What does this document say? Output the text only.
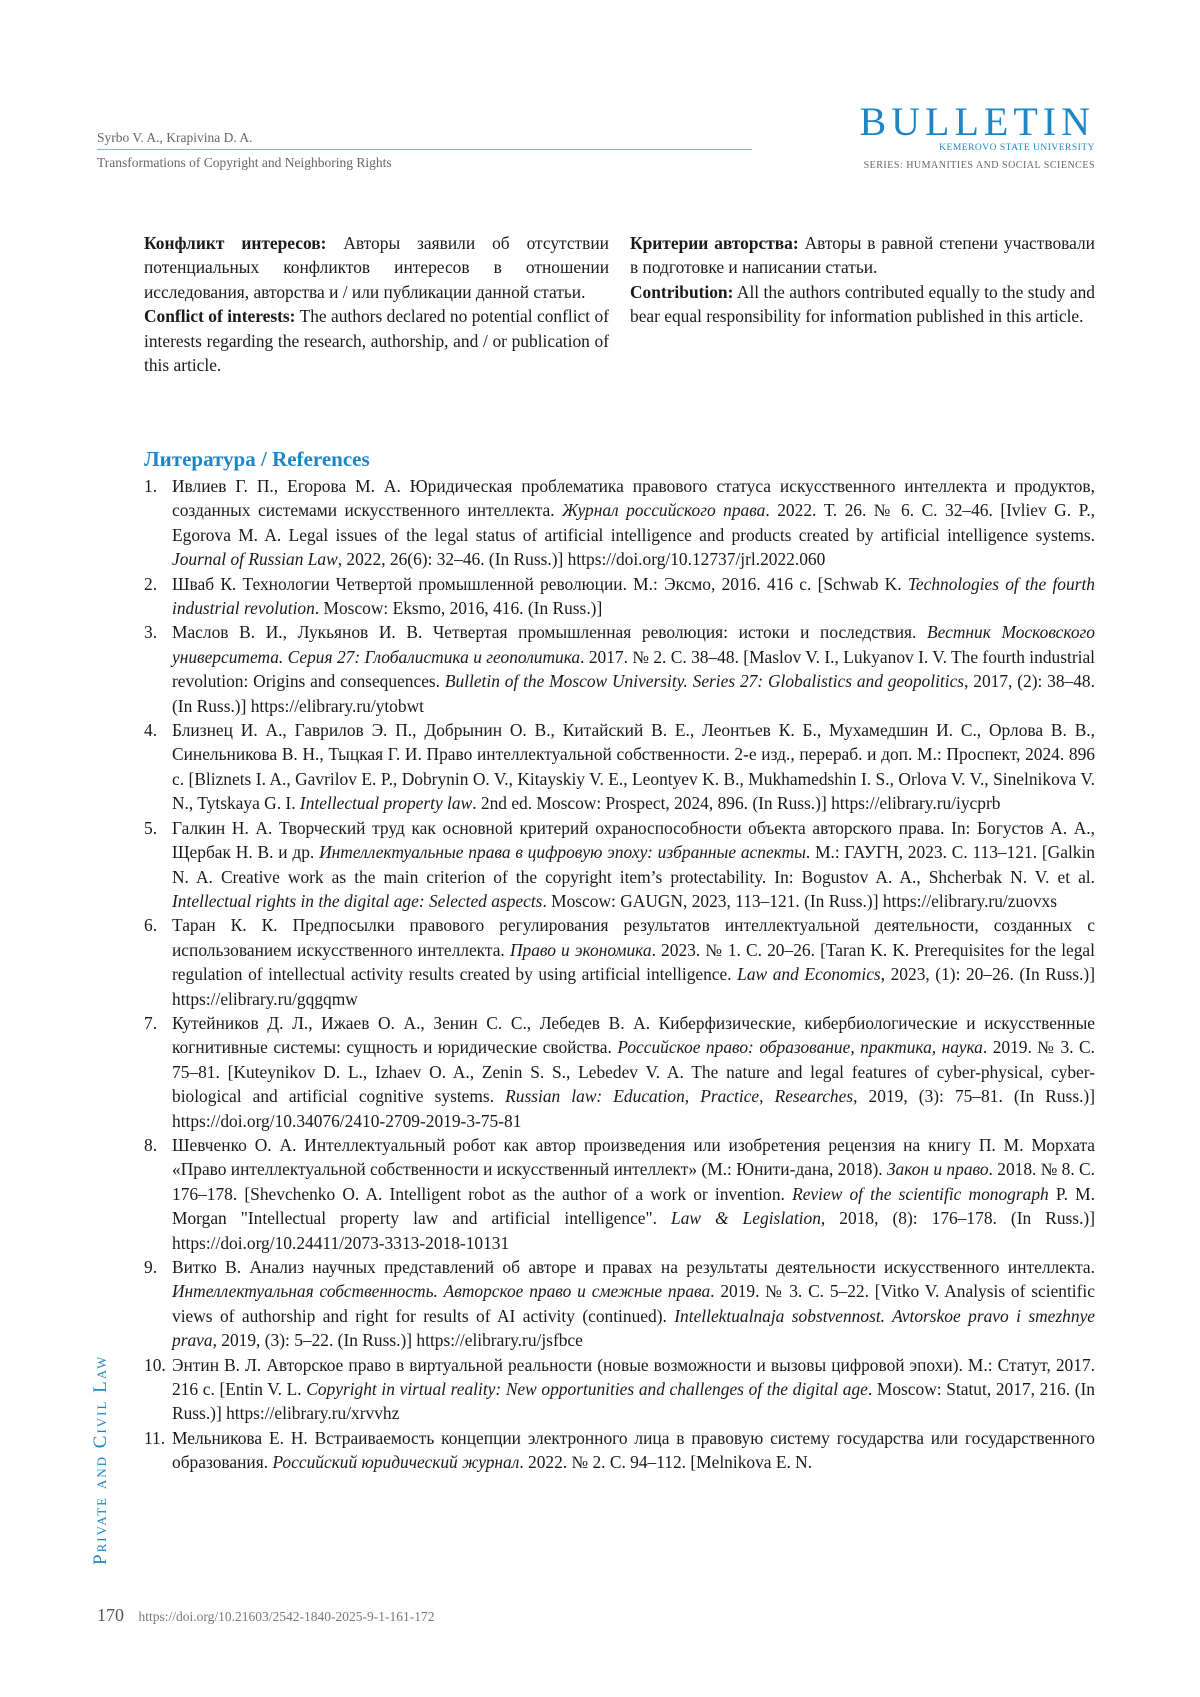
Syrbo V. A., Krapivina D. A.
Transformations of Copyright and Neighboring Rights
BULLETIN
KEMEROVO STATE UNIVERSITY
SERIES: HUMANITIES AND SOCIAL SCIENCES

Конфликт интересов: Авторы заявили об отсутствии потенциальных конфликтов интересов в отношении исследования, авторства и / или публикации данной статьи.

Conflict of interests: The authors declared no potential conflict of interests regarding the research, authorship, and / or publication of this article.

Критерии авторства: Авторы в равной степени участвовали в подготовке и написании статьи.

Contribution: All the authors contributed equally to the study and bear equal responsibility for information published in this article.

Литература / References
1. Ивлиев Г. П., Егорова М. А. Юридическая проблематика правового статуса искусственного интеллекта и продуктов, созданных системами искусственного интеллекта. Журнал российского права. 2022. Т. 26. № 6. С. 32–46. [Ivliev G. P., Egorova M. A. Legal issues of the legal status of artificial intelligence and products created by artificial intelligence systems. Journal of Russian Law, 2022, 26(6): 32–46. (In Russ.)] https://doi.org/10.12737/jrl.2022.060
2. Шваб К. Технологии Четвертой промышленной революции. М.: Эксмо, 2016. 416 с. [Schwab K. Technologies of the fourth industrial revolution. Moscow: Eksmo, 2016, 416. (In Russ.)]
3. Маслов В. И., Лукьянов И. В. Четвертая промышленная революция: истоки и последствия. Вестник Московского университета. Серия 27: Глобалистика и геополитика. 2017. № 2. С. 38–48. [Maslov V. I., Lukyanov I. V. The fourth industrial revolution: Origins and consequences. Bulletin of the Moscow University. Series 27: Globalistics and geopolitics, 2017, (2): 38–48. (In Russ.)] https://elibrary.ru/ytobwt
4. Близнец И. А., Гаврилов Э. П., Добрынин О. В., Китайский В. Е., Леонтьев К. Б., Мухамедшин И. С., Орлова В. В., Синельникова В. Н., Тыцкая Г. И. Право интеллектуальной собственности. 2-е изд., перераб. и доп. М.: Проспект, 2024. 896 с. [Bliznets I. A., Gavrilov E. P., Dobrynin O. V., Kitayskiy V. E., Leontyev K. B., Mukhamedshin I. S., Orlova V. V., Sinelnikova V. N., Tytskaya G. I. Intellectual property law. 2nd ed. Moscow: Prospect, 2024, 896. (In Russ.)] https://elibrary.ru/iycprb
5. Галкин Н. А. Творческий труд как основной критерий охраноспособности объекта авторского права. In: Богустов А. А., Щербак Н. В. и др. Интеллектуальные права в цифровую эпоху: избранные аспекты. М.: ГАУГН, 2023. С. 113–121. [Galkin N. A. Creative work as the main criterion of the copyright item’s protectability. In: Bogustov A. A., Shcherbak N. V. et al. Intellectual rights in the digital age: Selected aspects. Moscow: GAUGN, 2023, 113–121. (In Russ.)] https://elibrary.ru/zuovxs
6. Таран К. К. Предпосылки правового регулирования результатов интеллектуальной деятельности, созданных с использованием искусственного интеллекта. Право и экономика. 2023. № 1. С. 20–26. [Taran K. K. Prerequisites for the legal regulation of intellectual activity results created by using artificial intelligence. Law and Economics, 2023, (1): 20–26. (In Russ.)] https://elibrary.ru/gqgqmw
7. Кутейников Д. Л., Ижаев О. А., Зенин С. С., Лебедев В. А. Киберфизические, кибербиологические и искусственные когнитивные системы: сущность и юридические свойства. Российское право: образование, практика, наука. 2019. № 3. С. 75–81. [Kuteynikov D. L., Izhaev O. A., Zenin S. S., Lebedev V. A. The nature and legal features of cyber-physical, cyber-biological and artificial cognitive systems. Russian law: Education, Practice, Researches, 2019, (3): 75–81. (In Russ.)] https://doi.org/10.34076/2410-2709-2019-3-75-81
8. Шевченко О. А. Интеллектуальный робот как автор произведения или изобретения рецензия на книгу П. М. Морхата «Право интеллектуальной собственности и искусственный интеллект» (М.: Юнити-дана, 2018). Закон и право. 2018. № 8. С. 176–178. [Shevchenko O. A. Intelligent robot as the author of a work or invention. Review of the scientific monograph P. M. Morgan "Intellectual property law and artificial intelligence". Law & Legislation, 2018, (8): 176–178. (In Russ.)] https://doi.org/10.24411/2073-3313-2018-10131
9. Витко В. Анализ научных представлений об авторе и правах на результаты деятельности искусственного интеллекта. Интеллектуальная собственность. Авторское право и смежные права. 2019. № 3. С. 5–22. [Vitko V. Analysis of scientific views of authorship and right for results of AI activity (continued). Intellektualnaja sobstvennost. Avtorskoe pravo i smezhnye prava, 2019, (3): 5–22. (In Russ.)] https://elibrary.ru/jsfbce
10. Энтин В. Л. Авторское право в виртуальной реальности (новые возможности и вызовы цифровой эпохи). М.: Статут, 2017. 216 с. [Entin V. L. Copyright in virtual reality: New opportunities and challenges of the digital age. Moscow: Statut, 2017, 216. (In Russ.)] https://elibrary.ru/xrvvhz
11. Мельникова Е. Н. Встраиваемость концепции электронного лица в правовую систему государства или государственного образования. Российский юридический журнал. 2022. № 2. С. 94–112. [Melnikova E. N.
Private and Civil Law
170 https://doi.org/10.21603/2542-1840-2025-9-1-161-172
